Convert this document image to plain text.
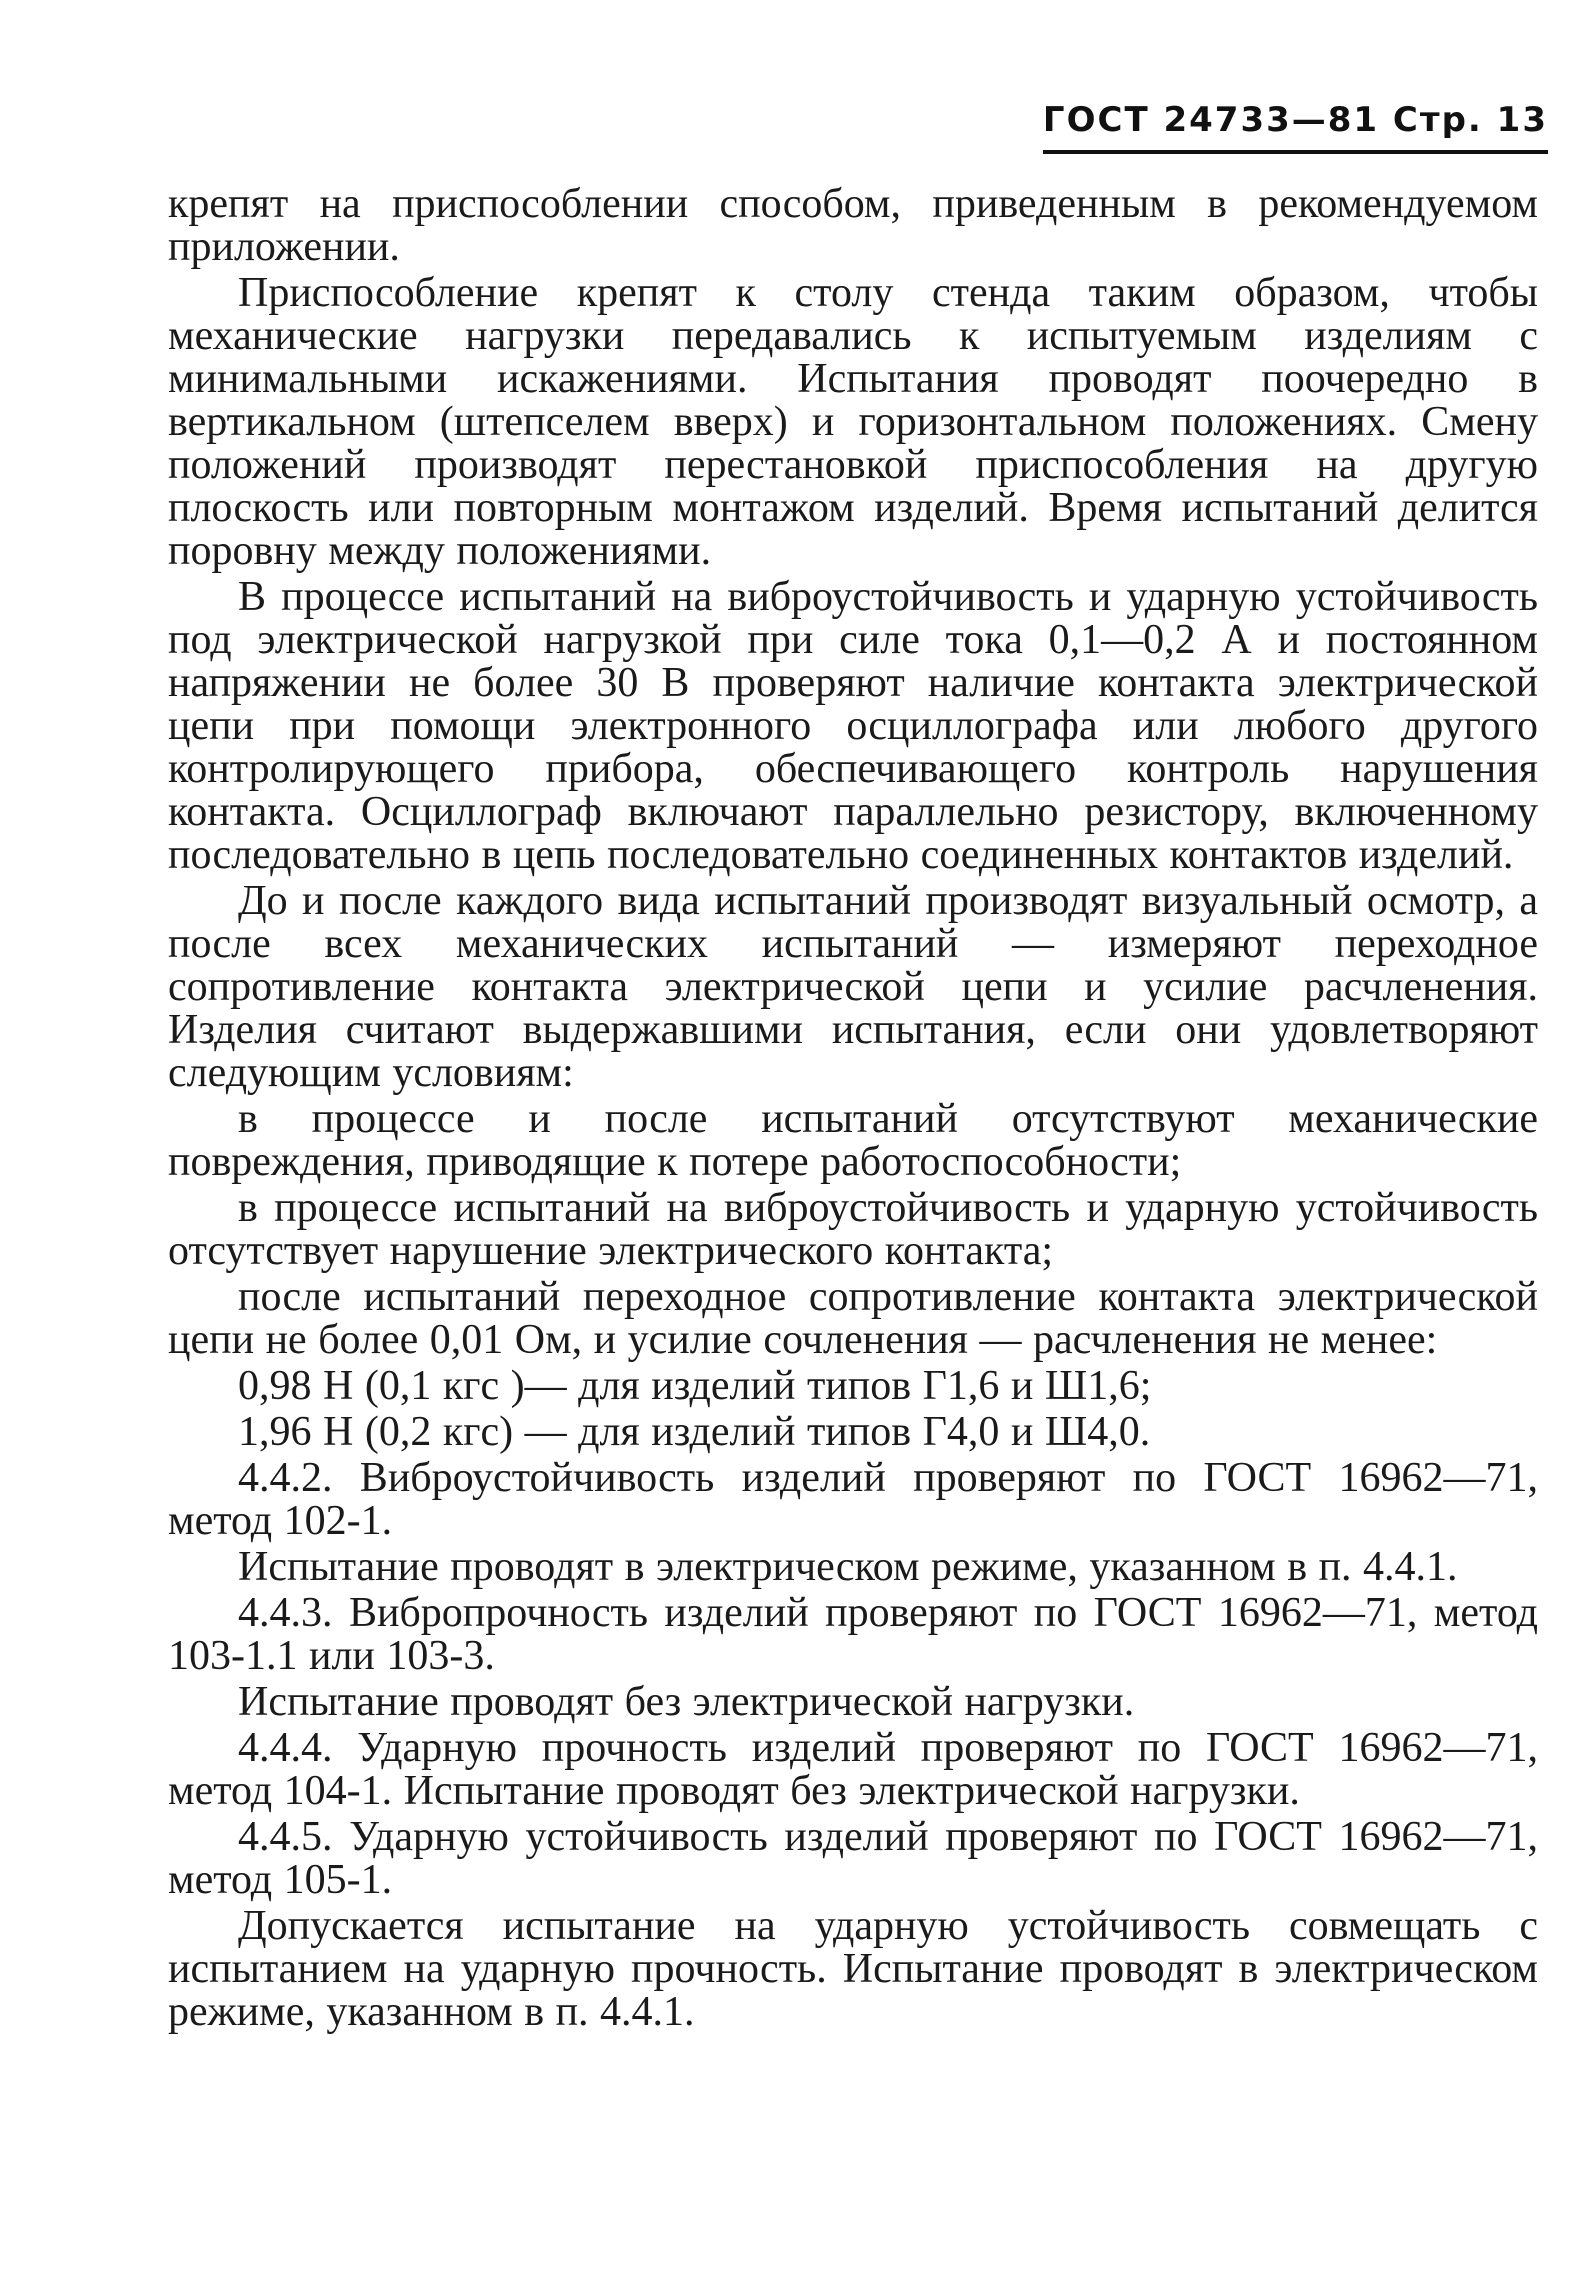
ГОСТ 24733—81 Стр. 13

крепят на приспособлении способом, приведенным в рекомендуемом приложении.

Приспособление крепят к столу стенда таким образом, чтобы механические нагрузки передавались к испытуемым изделиям с минимальными искажениями. Испытания проводят поочередно в вертикальном (штепселем вверх) и горизонтальном положениях. Смену положений производят перестановкой приспособления на другую плоскость или повторным монтажом изделий. Время испытаний делится поровну между положениями.

В процессе испытаний на виброустойчивость и ударную устойчивость под электрической нагрузкой при силе тока 0,1—0,2 А и постоянном напряжении не более 30 В проверяют наличие контакта электрической цепи при помощи электронного осциллографа или любого другого контролирующего прибора, обеспечивающего контроль нарушения контакта. Осциллограф включают параллельно резистору, включенному последовательно в цепь последовательно соединенных контактов изделий.

До и после каждого вида испытаний производят визуальный осмотр, а после всех механических испытаний — измеряют переходное сопротивление контакта электрической цепи и усилие расчленения. Изделия считают выдержавшими испытания, если они удовлетворяют следующим условиям:

в процессе и после испытаний отсутствуют механические повреждения, приводящие к потере работоспособности;

в процессе испытаний на виброустойчивость и ударную устойчивость отсутствует нарушение электрического контакта;

после испытаний переходное сопротивление контакта электрической цепи не более 0,01 Ом, и усилие сочленения — расчленения не менее:

0,98 Н (0,1 кгс )— для изделий типов Г1,6 и Ш1,6;

1,96 Н (0,2 кгс) — для изделий типов Г4,0 и Ш4,0.

4.4.2. Виброустойчивость изделий проверяют по ГОСТ 16962—71, метод 102-1.

Испытание проводят в электрическом режиме, указанном в п. 4.4.1.

4.4.3. Вибропрочность изделий проверяют по ГОСТ 16962—71, метод 103-1.1 или 103-3.

Испытание проводят без электрической нагрузки.

4.4.4. Ударную прочность изделий проверяют по ГОСТ 16962—71, метод 104-1. Испытание проводят без электрической нагрузки.

4.4.5. Ударную устойчивость изделий проверяют по ГОСТ 16962—71, метод 105-1.

Допускается испытание на ударную устойчивость совмещать с испытанием на ударную прочность. Испытание проводят в электрическом режиме, указанном в п. 4.4.1.
